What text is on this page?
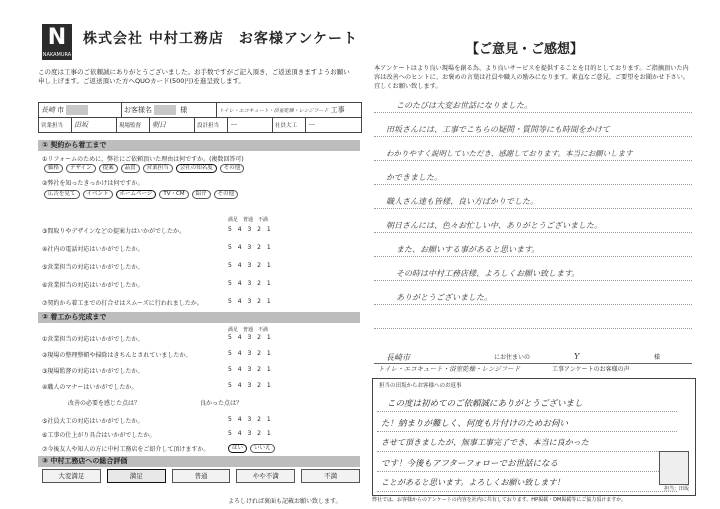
N
NAKAMURA
株式会社 中村工務店　お客様アンケート
この度は工事のご依頼誠にありがとうございました。お手数ですがご記入頂き、ご返送頂きますようお願い申し上げます。ご返送頂いた方へQUOカード(500円)を進呈致します。
長崎
市	お客様名
	様	トイレ・エコキュート・浴室乾燥・レンジフード
工事
営業担当	田坂	現場監督	朝日	設計担当	ー	社員大工	ー
① 契約から着工まで
①リフォームのために、弊社にご依頼頂いた理由は何ですか。(複数回答可)
価格 デザイン 提案 品質 営業担当 会社の知名度 その他
②弊社を知ったきっかけは何ですか。
広告を見て イベント ホームページ TV・CM 紹介 その他
満足　普通　不満
③間取りやデザインなどの提案力はいかがでしたか。	5 4 3 2 1
④社内の電話対応はいかがでしたか。	5 4 3 2 1
⑤営業担当の対応はいかがでしたか。	5 4 3 2 1
⑥営業担当の対応はいかがでしたか。	5 4 3 2 1
⑦契約から着工までの打合せはスムーズに行われましたか。	5 4 3 2 1
② 着工から完成まで
満足　普通　不満
①営業担当の対応はいかがでしたか。	5 4 3 2 1
②現場の整理整頓や掃除はきちんとされていましたか。	5 4 3 2 1
③現場監督の対応はいかがでしたか。	5 4 3 2 1
④職人のマナーはいかがでしたか。	5 4 3 2 1
改善の必要を感じた点は？	良かった点は？
⑤社員大工の対応はいかがでしたか。	5 4 3 2 1
⑥工事の仕上がり具合はいかがでしたか。	5 4 3 2 1
⑦今後友人や知人の方に中村工務店をご紹介して頂けますか。	はい いいえ
③ 中村工務店への総合評価
大変満足	満足	普通	やや不満	不満
よろしければ裏面も記載お願い致します。
【ご意見・ご感想】
本アンケートはより良い現場を創る為、より良いサービスを提供することを目的としております。ご指摘頂いた内容は改善へのヒントに、お褒めの言葉は社員や職人の励みになります。素直なご意見、ご要望をお聞かせ下さい。宜しくお願い致します。
このたびは大変お世話になりました。
田坂さんには、工事でこちらの疑問・質問等にも時間をかけて
わかりやすく説明していただき、感謝しております。本当にお願いします
かできました。
職人さん達も皆様、良い方ばかりでした。
朝日さんには、色々お忙しい中、ありがとうございました。
また、お願いする事があると思います。
その時は中村工務店様、よろしくお願い致します。
ありがとうございました。
長崎市	にお住まいの	Y	様
トイレ・エコキュート・浴室乾燥・レンジフード	工事アンケートのお客様の声
担当の田坂からお客様へのお返事
この度は初めてのご依頼誠にありがとうございまし
た！納まりが難しく、何度も片付けのためお伺い
させて頂きましたが、無事工事完了でき、本当に良かった
です！今後もアフターフォローでお世話になる
ことがあると思います。よろしくお願い致します！
担当：田坂
弊社では、お客様からのアンケートの内容を社内に共有しております。HP掲載・DM掲載等にご協力頂けますか。
